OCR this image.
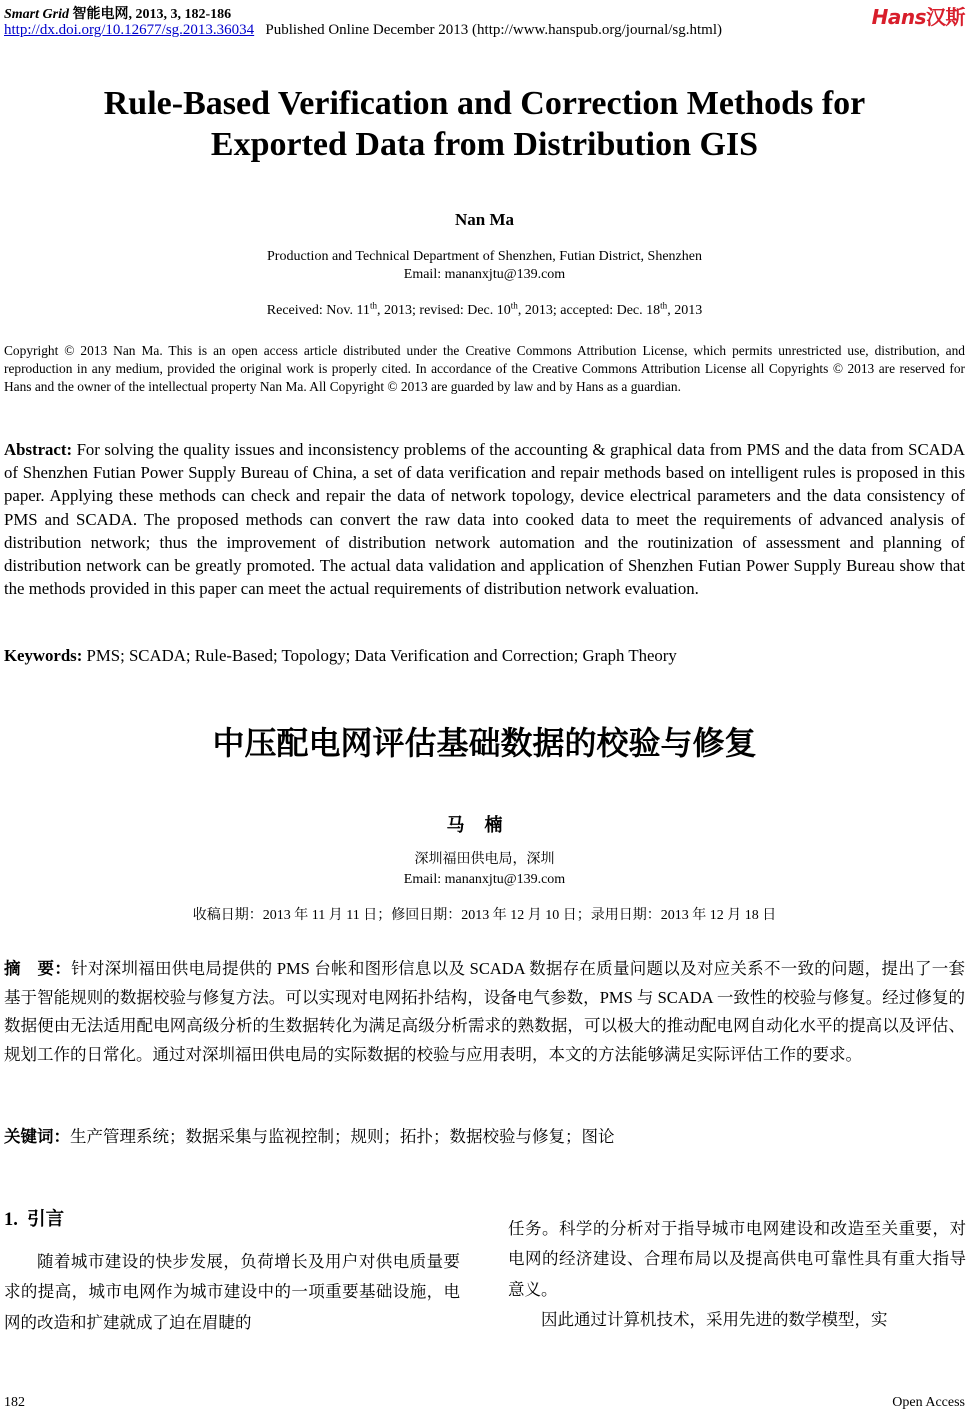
Smart Grid 智能电网, 2013, 3, 182-186
http://dx.doi.org/10.12677/sg.2013.36034 Published Online December 2013 (http://www.hanspub.org/journal/sg.html)
Hans汉斯
Rule-Based Verification and Correction Methods for
Exported Data from Distribution GIS
Nan Ma
Production and Technical Department of Shenzhen, Futian District, Shenzhen
Email: mananxjtu@139.com
Received: Nov. 11th, 2013; revised: Dec. 10th, 2013; accepted: Dec. 18th, 2013
Copyright © 2013 Nan Ma. This is an open access article distributed under the Creative Commons Attribution License, which permits unrestricted use, distribution, and reproduction in any medium, provided the original work is properly cited. In accordance of the Creative Commons Attribution License all Copyrights © 2013 are reserved for Hans and the owner of the intellectual property Nan Ma. All Copyright © 2013 are guarded by law and by Hans as a guardian.
Abstract: For solving the quality issues and inconsistency problems of the accounting & graphical data from PMS and the data from SCADA of Shenzhen Futian Power Supply Bureau of China, a set of data verification and repair methods based on intelligent rules is proposed in this paper. Applying these methods can check and repair the data of network topology, device electrical parameters and the data consistency of PMS and SCADA. The proposed methods can convert the raw data into cooked data to meet the requirements of advanced analysis of distribution network; thus the improvement of distribution network automation and the routinization of assessment and planning of distribution network can be greatly promoted. The actual data validation and application of Shenzhen Futian Power Supply Bureau show that the methods provided in this paper can meet the actual requirements of distribution network evaluation.
Keywords: PMS; SCADA; Rule-Based; Topology; Data Verification and Correction; Graph Theory
中压配电网评估基础数据的校验与修复
马楠
深圳福田供电局，深圳
Email: mananxjtu@139.com
收稿日期：2013 年 11 月 11 日；修回日期：2013 年 12 月 10 日；录用日期：2013 年 12 月 18 日
摘　要：针对深圳福田供电局提供的 PMS 台帐和图形信息以及 SCADA 数据存在质量问题以及对应关系不一致的问题，提出了一套基于智能规则的数据校验与修复方法。可以实现对电网拓扑结构，设备电气参数，PMS 与 SCADA 一致性的校验与修复。经过修复的数据便由无法适用配电网高级分析的生数据转化为满足高级分析需求的熟数据，可以极大的推动配电网自动化水平的提高以及评估、规划工作的日常化。通过对深圳福田供电局的实际数据的校验与应用表明，本文的方法能够满足实际评估工作的要求。
关键词：生产管理系统；数据采集与监视控制；规则；拓扑；数据校验与修复；图论
1. 引言

随着城市建设的快步发展，负荷增长及用户对供电质量要求的提高，城市电网作为城市建设中的一项重要基础设施，电网的改造和扩建就成了迫在眉睫的

任务。科学的分析对于指导城市电网建设和改造至关重要，对电网的经济建设、合理布局以及提高供电可靠性具有重大指导意义。

因此通过计算机技术，采用先进的数学模型，实

182	Open Access
